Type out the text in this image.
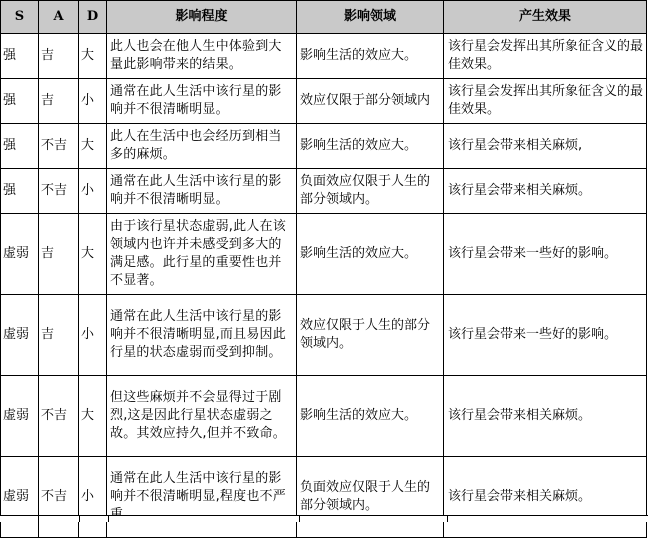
S	A	D	影响程度	影响领域	产生效果
强	吉	大	此人也会在他人生中体验到大量此影响带来的结果。	影响生活的效应大。	该行星会发挥出其所象征含义的最佳效果。
强	吉	小	通常在此人生活中该行星的影响并不很清晰明显。	效应仅限于部分领域内	该行星会发挥出其所象征含义的最佳效果。
强	不吉	大	此人在生活中也会经历到相当多的麻烦。	影响生活的效应大。	该行星会带来相关麻烦,
强	不吉	小	通常在此人生活中该行星的影响并不很清晰明显。	负面效应仅限于人生的部分领域内。	该行星会带来相关麻烦。
虚弱	吉	大	由于该行星状态虚弱,此人在该领域内也许并未感受到多大的满足感。此行星的重要性也并不显著。	影响生活的效应大。	该行星会带来一些好的影响。
虚弱	吉	小	通常在此人生活中该行星的影响并不很清晰明显,而且易因此行星的状态虚弱而受到抑制。	效应仅限于人生的部分领域内。	该行星会带来一些好的影响。
虚弱	不吉	大	但这些麻烦并不会显得过于剧烈,这是因此行星状态虚弱之故。其效应持久,但并不致命。	影响生活的效应大。	该行星会带来相关麻烦。
虚弱	不吉	小	通常在此人生活中该行星的影响并不很清晰明显,程度也不严	负面效应仅限于人生的部分领域内。	该行星会带来相关麻烦。
